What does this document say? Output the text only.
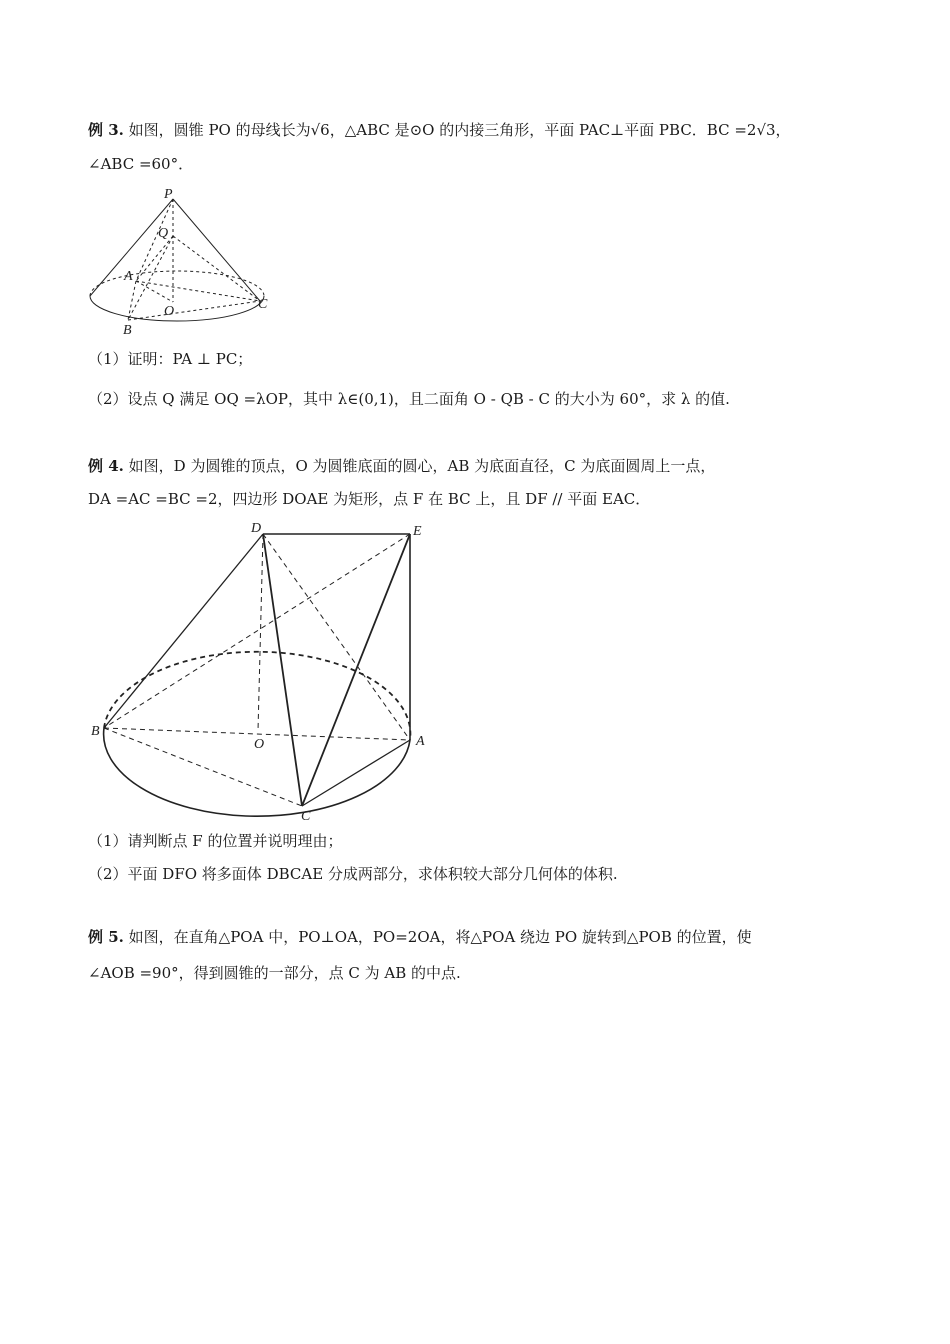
例 3. 如图，圆锥 PO 的母线长为√6，△ABC 是⊙O 的内接三角形，平面 PAC⊥平面 PBC．BC =2√3，
∠ABC =60°．
P
Q
A
B
C
O
（1）证明：PA ⊥ PC；
（2）设点 Q 满足 OQ =λOP，其中 λ∈(0,1)，且二面角 O - QB - C 的大小为 60°，求 λ 的值.
例 4. 如图，D 为圆锥的顶点，O 为圆锥底面的圆心，AB 为底面直径，C 为底面圆周上一点，
DA =AC =BC =2，四边形 DOAE 为矩形，点 F 在 BC 上，且 DF // 平面 EAC．
D	E
B
O	A
C
（1）请判断点 F 的位置并说明理由；
（2）平面 DFO 将多面体 DBCAE 分成两部分，求体积较大部分几何体的体积.
例 5. 如图，在直角△POA 中，PO⊥OA，PO=2OA，将△POA 绕边 PO 旋转到△POB 的位置，使
∠AOB =90°，得到圆锥的一部分，点 C 为 AB 的中点.
